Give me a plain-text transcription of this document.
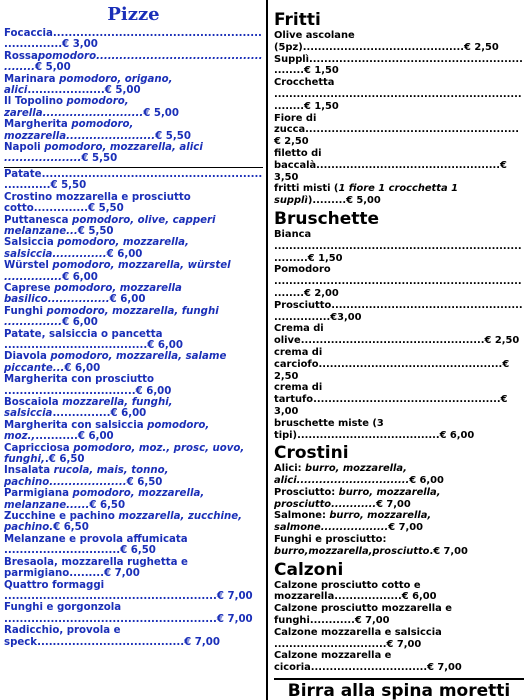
Pizze
Focaccia.....................................................................€ 3,00
Rossapomodoro...................................................€ 5,00
Marinara pomodoro, origano, alici....................€ 5,00
Il Topolino pomodoro, zarella..........................€ 5,00
Margherita pomodoro, mozzarella.......................€ 5,50
Napoli pomodoro, mozzarella, alici ....................€ 5,50
Patate.....................................................................€ 5,50
Crostino mozzarella e prosciutto cotto..............€ 5,50
Puttanesca pomodoro, olive, capperi melanzane...€ 5,50
Salsiccia pomodoro, mozzarella, salsiccia..............€ 6,00
Würstel pomodoro, mozzarella, würstel ...............€ 6,00
Caprese pomodoro, mozzarella basilico................€ 6,00
Funghi pomodoro, mozzarella, funghi ...............€ 6,00
Patate, salsiccia o pancetta .....................................€ 6,00
Diavola pomodoro, mozzarella, salame piccante...€ 6,00
Margherita con prosciutto ..................................€ 6,00
Boscaiola mozzarella, funghi, salsiccia...............€ 6,00
Margherita con salsiccia pomodoro, moz.,...........€ 6,00
Capricciosa pomodoro, moz., prosc, uovo, funghi,.€ 6,50
Insalata rucola, mais, tonno, pachino....................€ 6,50
Parmigiana pomodoro, mozzarella, melanzane......€ 6,50
Zucchine e pachino mozzarella, zucchine, pachino.€ 6,50
Melanzane e provola affumicata ..............................€ 6,50
Bresaola, mozzarella rughetta e parmigiano.........€ 7,00
Quattro formaggi .......................................................€ 7,00
Funghi e gorgonzola .......................................................€ 7,00
Radicchio, provola e speck......................................€ 7,00
Fritti
Olive ascolane (5pz)...........................................€ 2,50
Supplì.................................................................€ 1,50
Crocchetta ..........................................................................€ 1,50
Fiore di zucca.........................................................€ 2,50
filetto di baccalà.................................................€ 3,50
fritti misti (1 fiore 1 crocchetta 1 supplì).........€ 5,00
Bruschette
Bianca ...........................................................................€ 1,50
Pomodoro ..........................................................................€ 2,00
Prosciutto..................................................................€3,00
Crema di olive.................................................€ 2,50
crema di carciofo.................................................€ 2,50
crema di tartufo..................................................€ 3,00
bruschette miste (3 tipi)......................................€ 6,00
Crostini
Alici: burro, mozzarella, alici..............................€ 6,00
Prosciutto: burro, mozzarella, prosciutto............€ 7,00
Salmone: burro, mozzarella, salmone..................€ 7,00
Funghi e prosciutto: burro,mozzarella,prosciutto.€ 7,00
Calzoni
Calzone prosciutto cotto e mozzarella..................€ 6,00
Calzone prosciutto mozzarella e funghi............€ 7,00
Calzone mozzarella e salsiccia ..............................€ 7,00
Calzone mozzarella e cicoria...............................€ 7,00
Birra alla spina moretti
